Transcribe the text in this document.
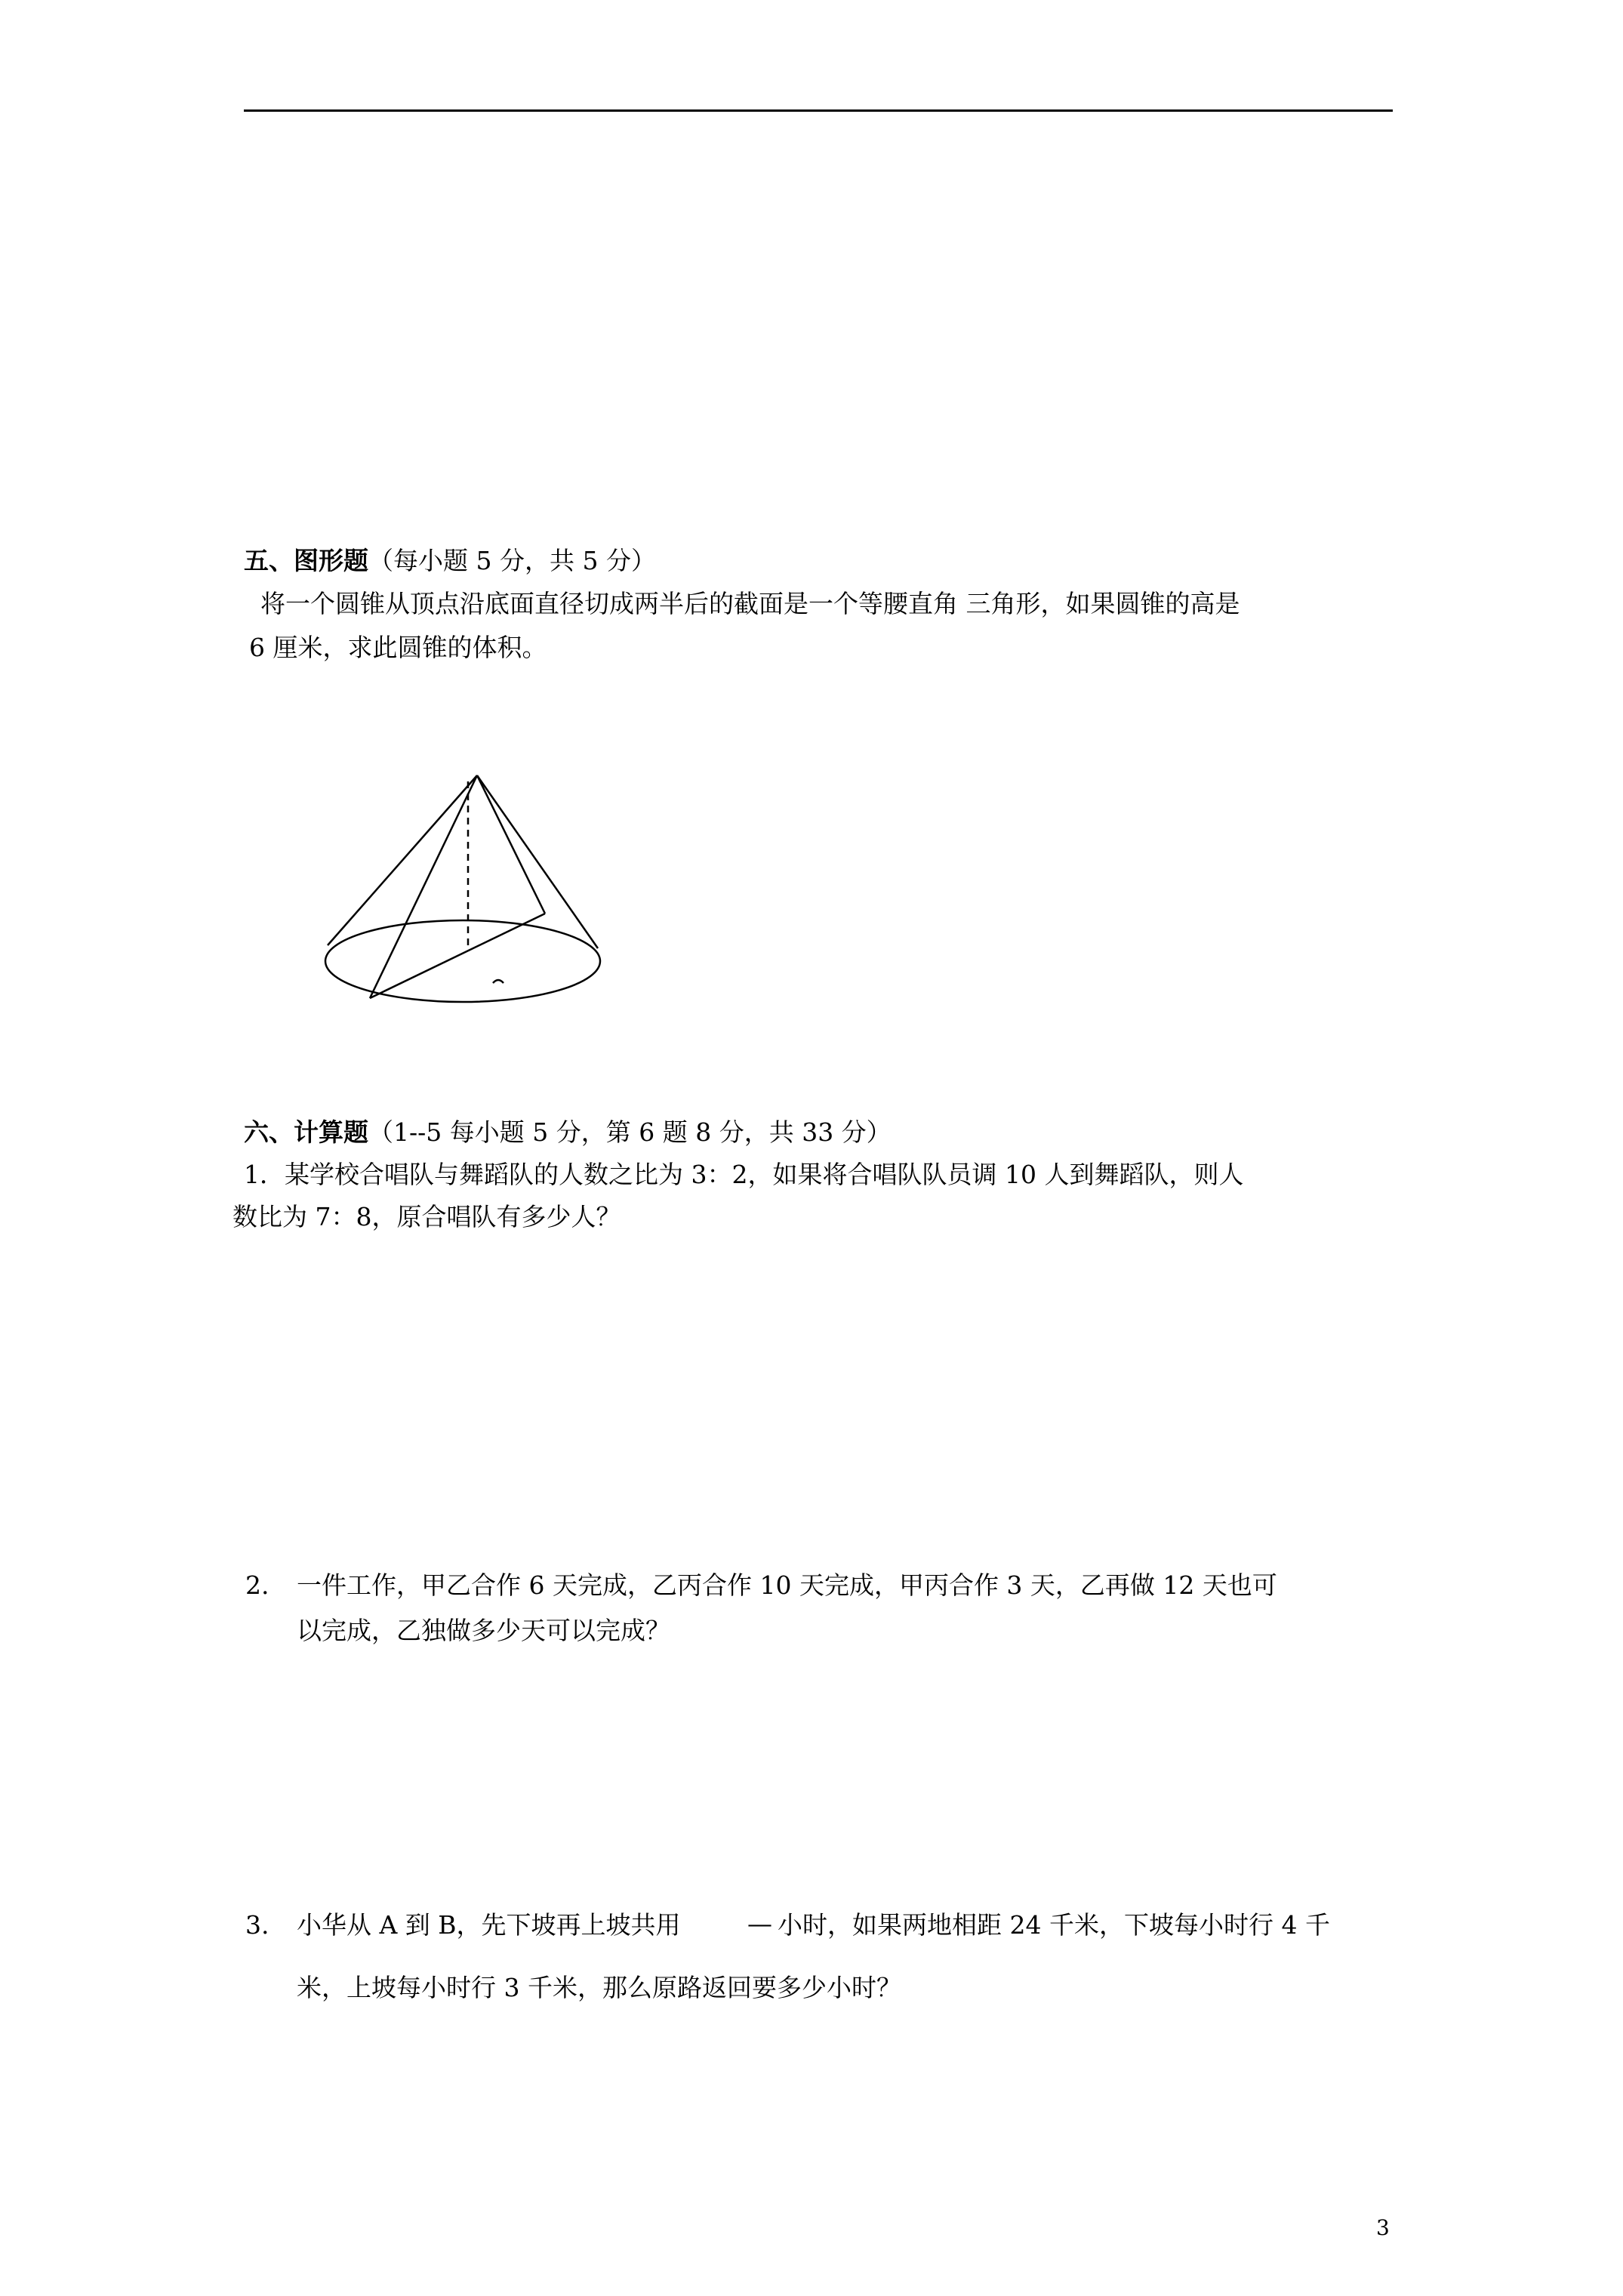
五、图形题（每小题 5 分，共 5 分）
将一个圆锥从顶点沿底面直径切成两半后的截面是一个等腰直角 三角形，如果圆锥的高是
6 厘米，求此圆锥的体积。
六、计算题（1--5 每小题 5 分，第 6 题 8 分，共 33 分）
1．某学校合唱队与舞蹈队的人数之比为 3：2，如果将合唱队队员调 10 人到舞蹈队，则人
数比为 7：8，原合唱队有多少人？
2. 一件工作，甲乙合作 6 天完成，乙丙合作 10 天完成，甲丙合作 3 天，乙再做 12 天也可
以完成，乙独做多少天可以完成？
3. 小华从 A 到 B，先下坡再上坡共用	— 小时，如果两地相距 24 千米，下坡每小时行 4 千
米，上坡每小时行 3 千米，那么原路返回要多少小时？
3
